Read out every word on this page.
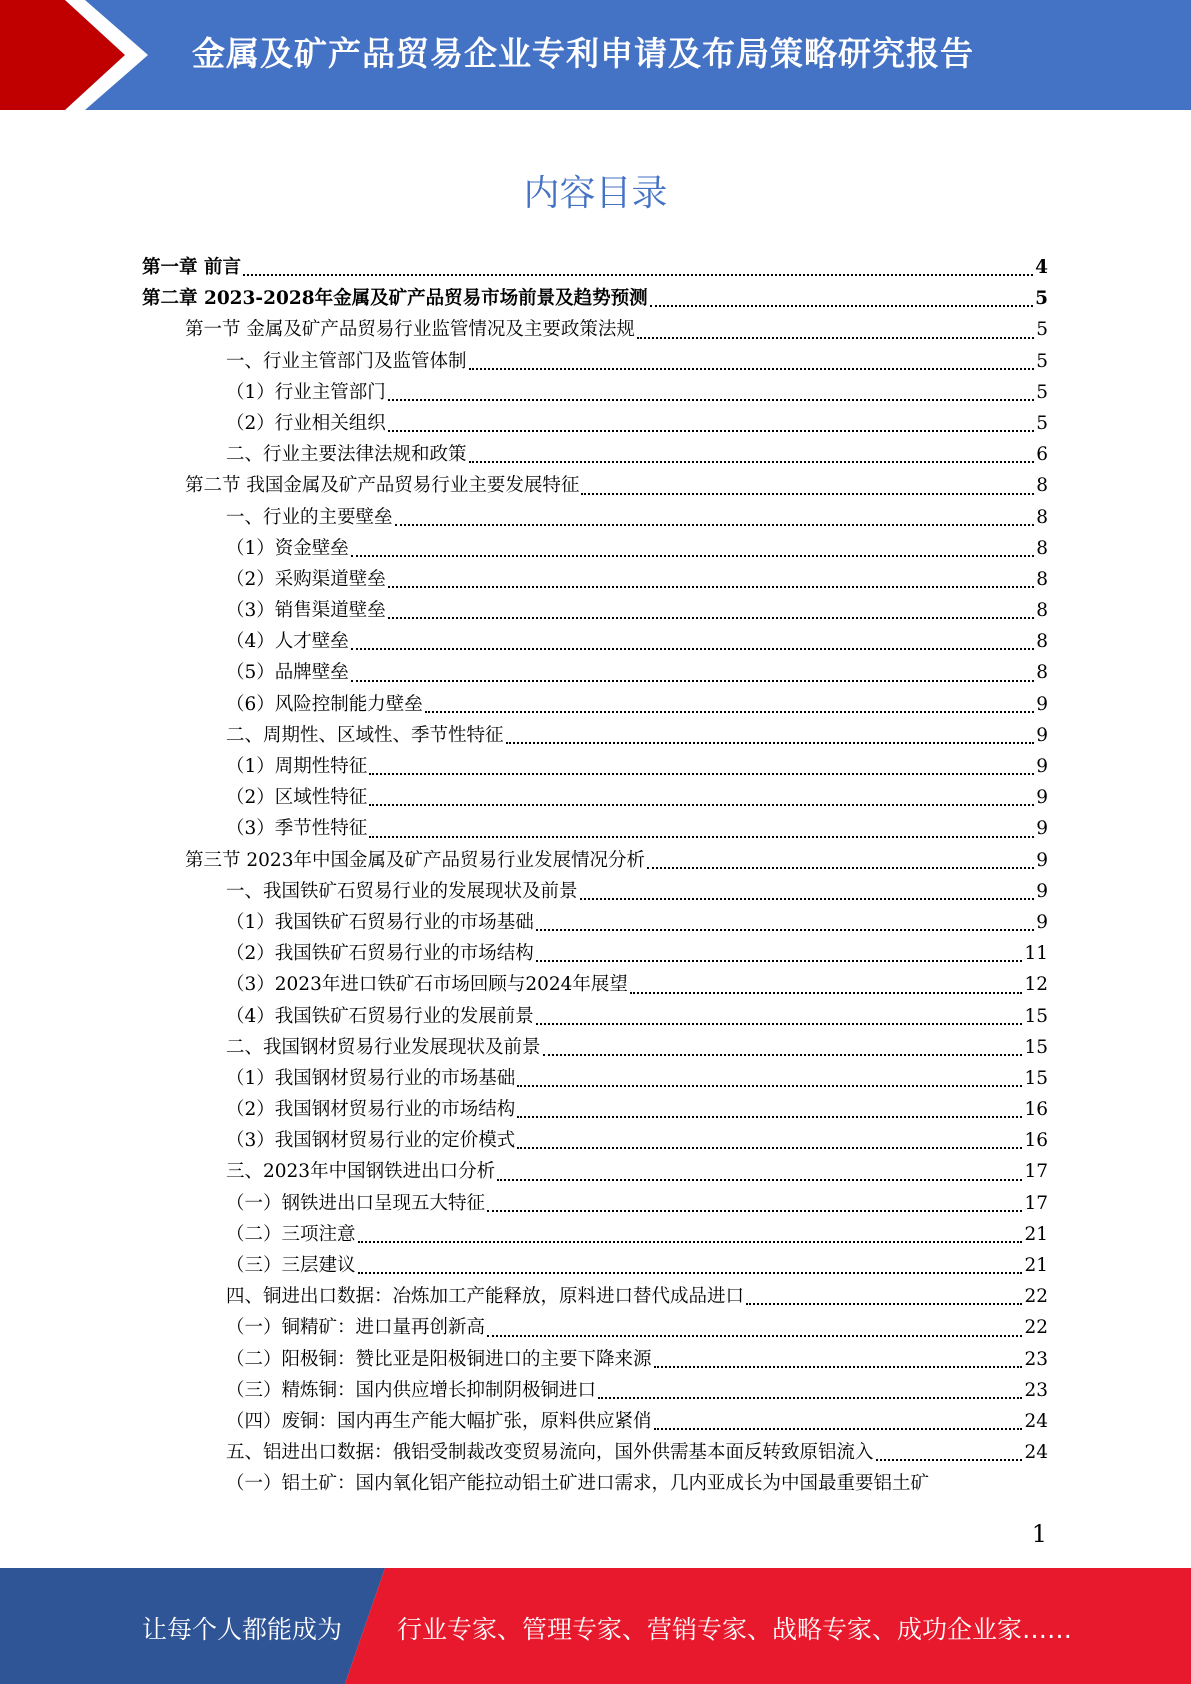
金属及矿产品贸易企业专利申请及布局策略研究报告
内容目录
第一章 前言	4
第二章 2023-2028年金属及矿产品贸易市场前景及趋势预测	5
第一节 金属及矿产品贸易行业监管情况及主要政策法规	5
一、行业主管部门及监管体制	5
（1）行业主管部门	5
（2）行业相关组织	5
二、行业主要法律法规和政策	6
第二节 我国金属及矿产品贸易行业主要发展特征	8
一、行业的主要壁垒	8
（1）资金壁垒	8
（2）采购渠道壁垒	8
（3）销售渠道壁垒	8
（4）人才壁垒	8
（5）品牌壁垒	8
（6）风险控制能力壁垒	9
二、周期性、区域性、季节性特征	9
（1）周期性特征	9
（2）区域性特征	9
（3）季节性特征	9
第三节 2023年中国金属及矿产品贸易行业发展情况分析	9
一、我国铁矿石贸易行业的发展现状及前景	9
（1）我国铁矿石贸易行业的市场基础	9
（2）我国铁矿石贸易行业的市场结构	11
（3）2023年进口铁矿石市场回顾与2024年展望	12
（4）我国铁矿石贸易行业的发展前景	15
二、我国钢材贸易行业发展现状及前景	15
（1）我国钢材贸易行业的市场基础	15
（2）我国钢材贸易行业的市场结构	16
（3）我国钢材贸易行业的定价模式	16
三、2023年中国钢铁进出口分析	17
（一）钢铁进出口呈现五大特征	17
（二）三项注意	21
（三）三层建议	21
四、铜进出口数据：冶炼加工产能释放，原料进口替代成品进口	22
（一）铜精矿：进口量再创新高	22
（二）阳极铜：赞比亚是阳极铜进口的主要下降来源	23
（三）精炼铜：国内供应增长抑制阴极铜进口	23
（四）废铜：国内再生产能大幅扩张，原料供应紧俏	24
五、铝进出口数据：俄铝受制裁改变贸易流向，国外供需基本面反转致原铝流入	24
（一）铝土矿：国内氧化铝产能拉动铝土矿进口需求，几内亚成长为中国最重要铝土矿
1
让每个人都能成为 行业专家、管理专家、营销专家、战略专家、成功企业家……
